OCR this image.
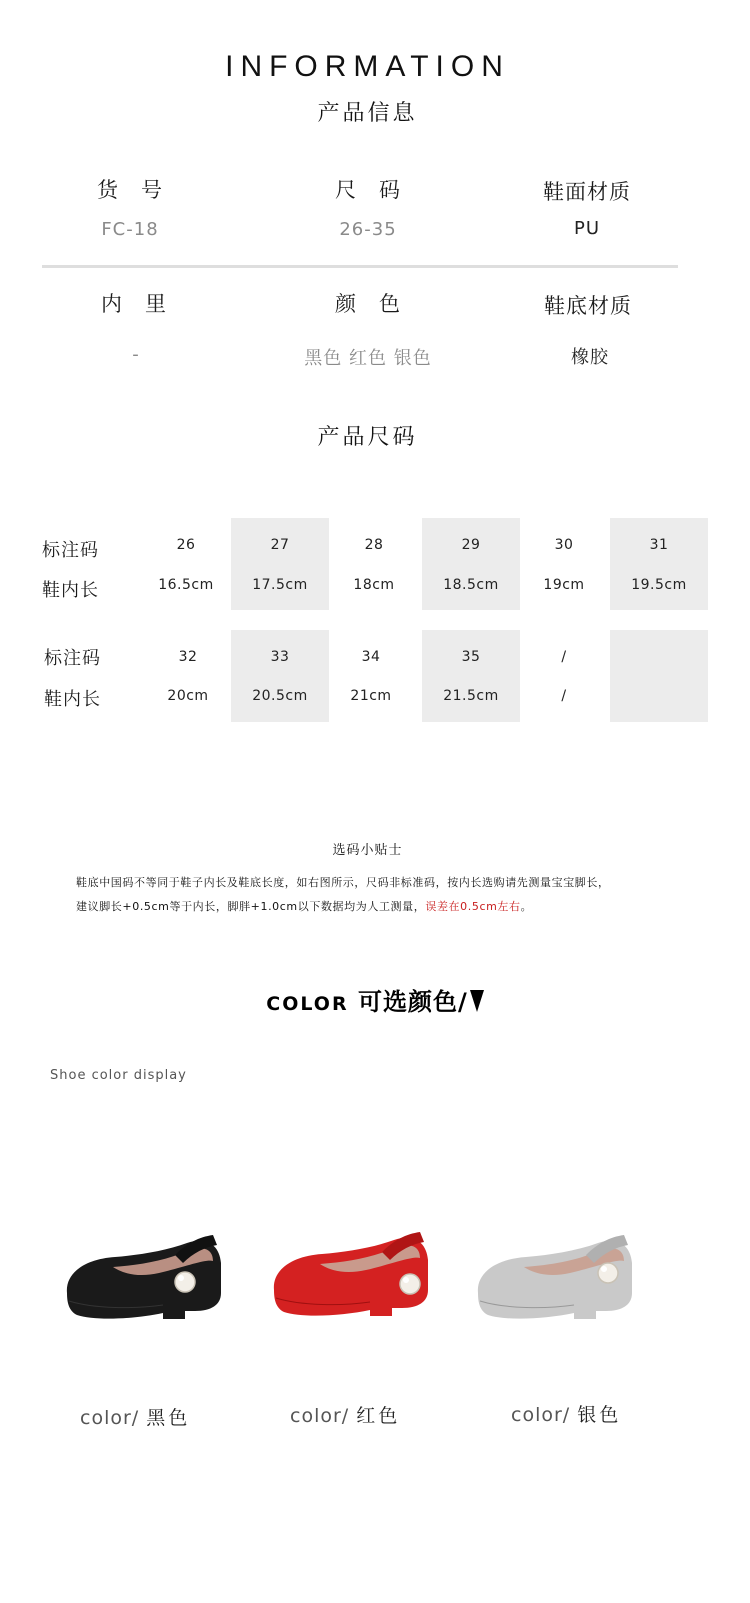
INFORMATION
产品信息
货　号
FC-18
尺　码
26-35
鞋面材质
PU
内　里
-
颜　色
黑色 红色 银色
鞋底材质
橡胶
产品尺码
标注码
鞋内长
26
16.5cm
27
17.5cm
28
18cm
29
18.5cm
30
19cm
31
19.5cm
标注码
鞋内长
32
20cm
33
20.5cm
34
21cm
35
21.5cm
/
/
选码小贴士
鞋底中国码不等同于鞋子内长及鞋底长度，如右图所示，尺码非标准码，按内长选购请先测量宝宝脚长，
建议脚长+0.5cm等于内长，脚胖+1.0cm以下数据均为人工测量，误差在0.5cm左右。
COLOR 可选颜色/
Shoe color display
color/ 黑色	color/ 红色	color/ 银色
